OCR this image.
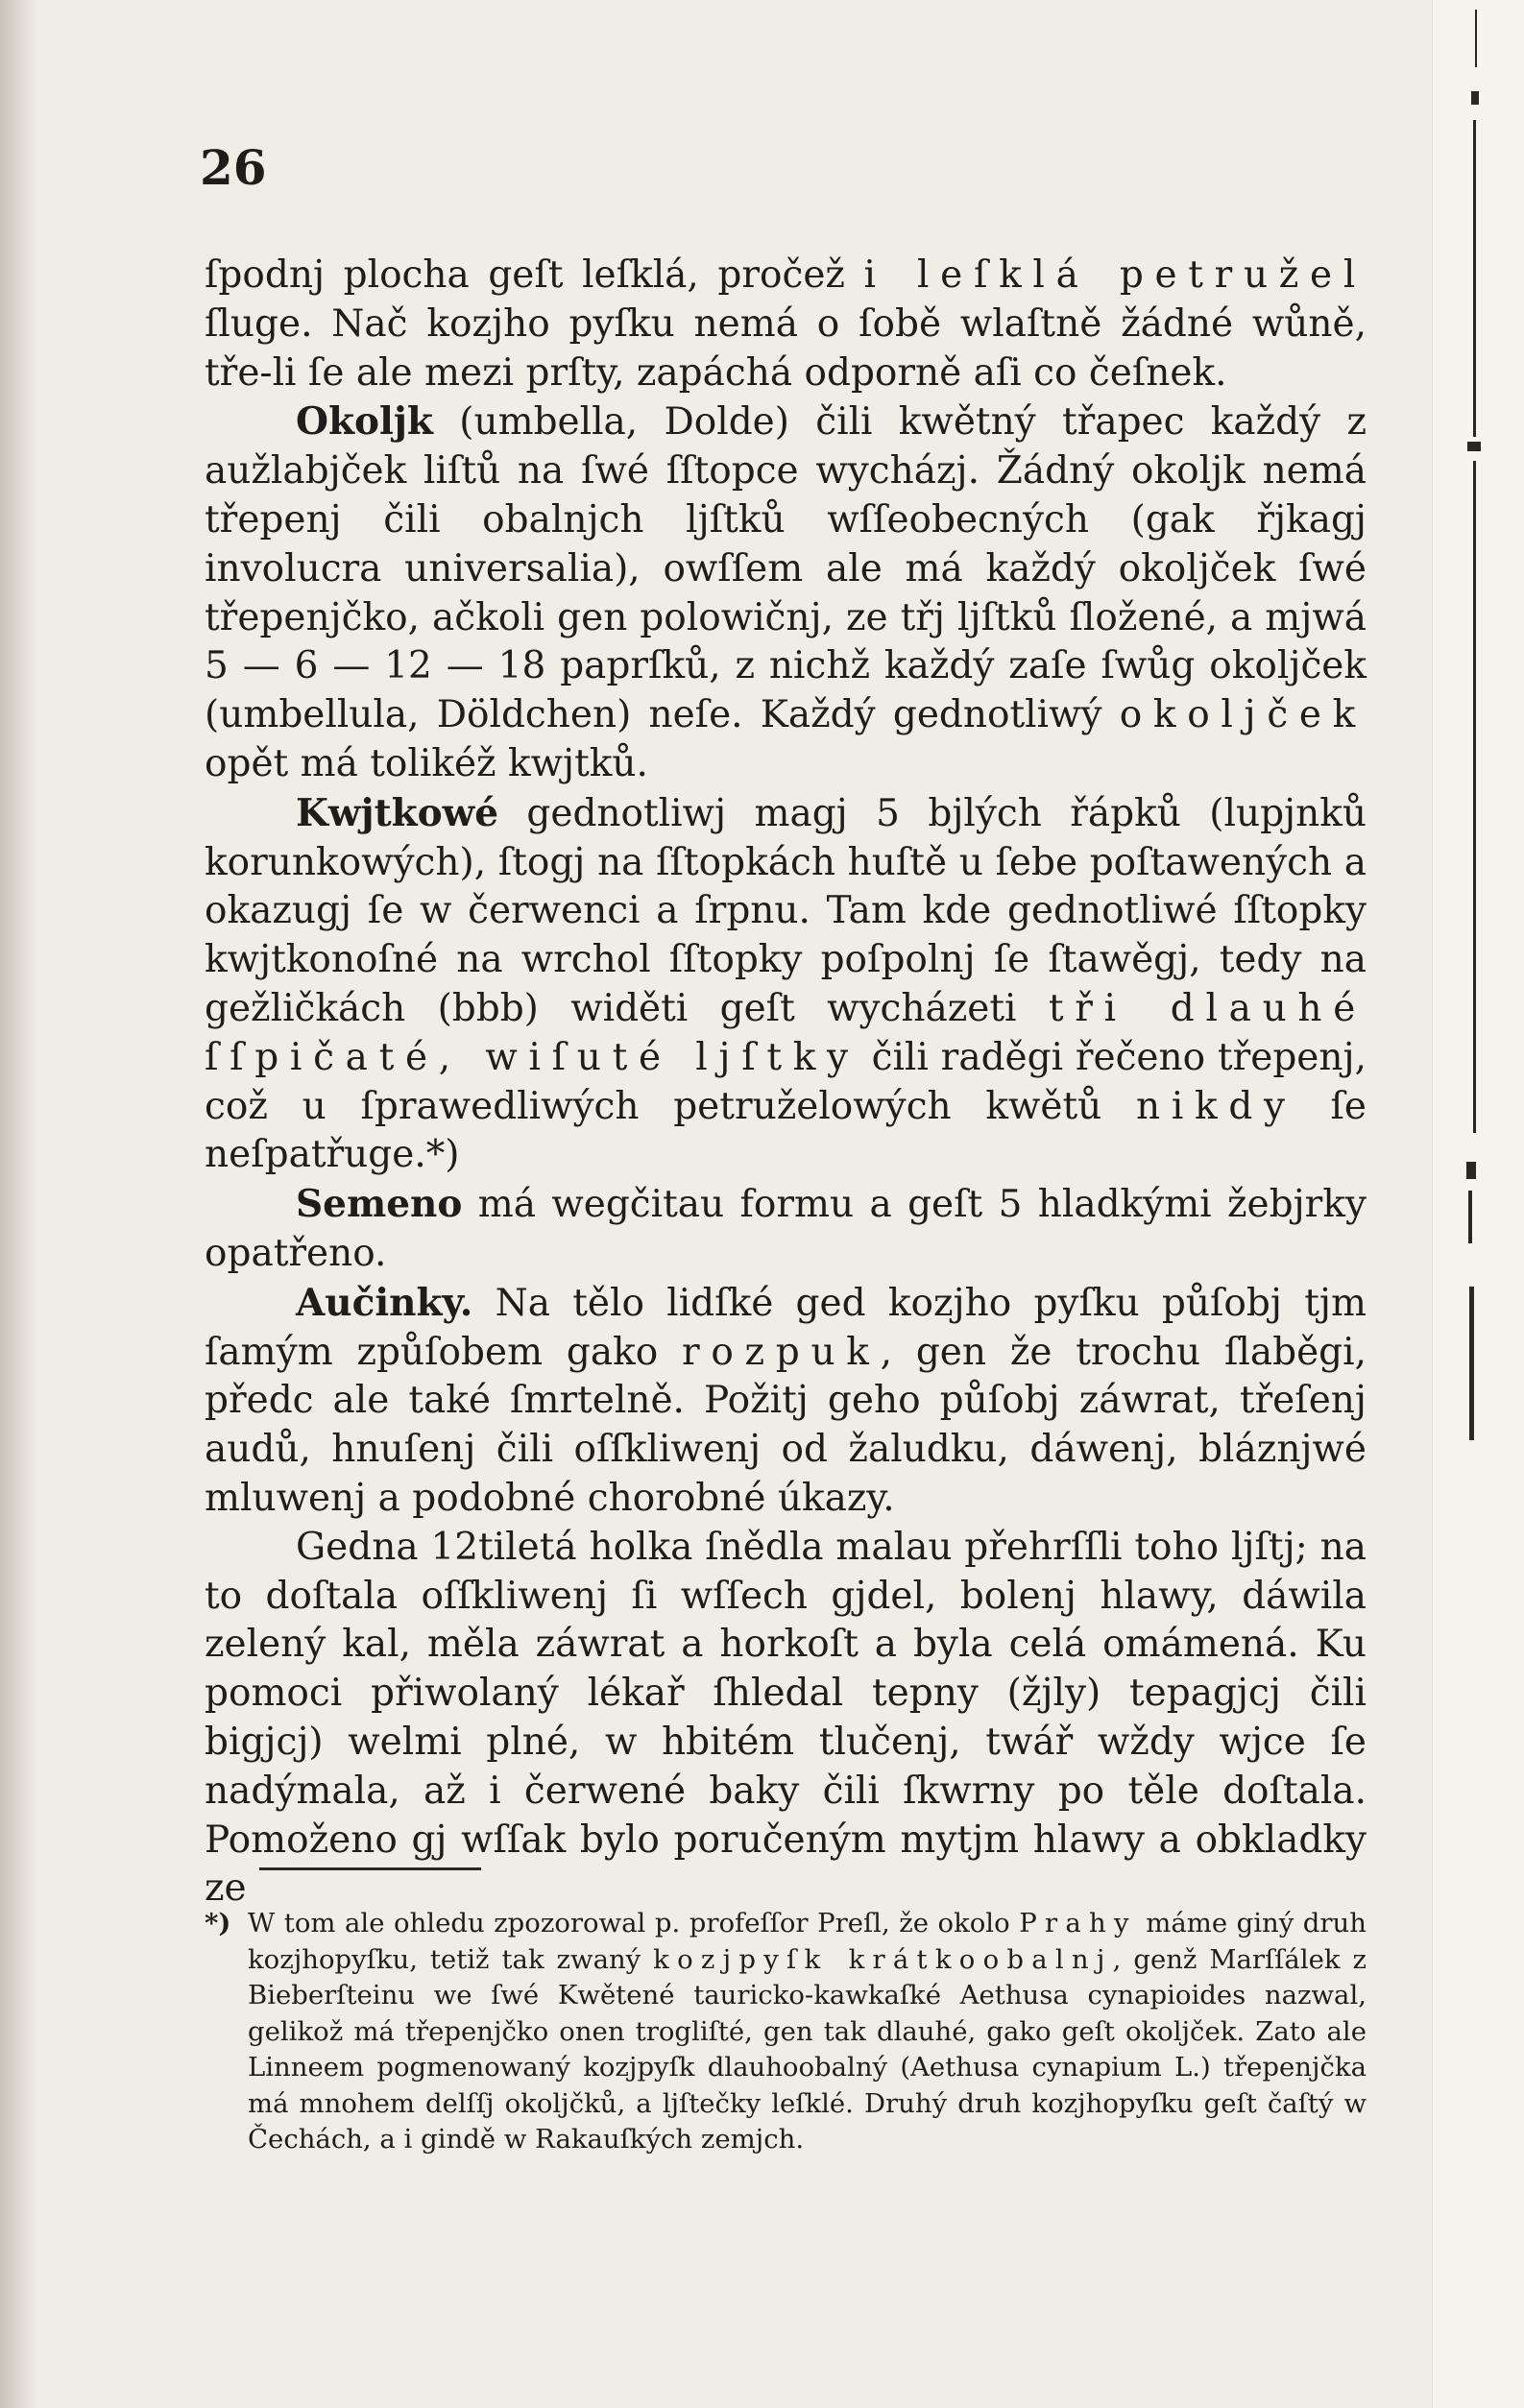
26

ſpodnj plocha geſt leſklá, pročež i leſklá petružel ſluge. Nač kozjho pyſku nemá o ſobě wlaſtně žádné wůně, tře-li ſe ale mezi prſty, zapáchá odporně aſi co čeſnek.

Okoljk (umbella, Dolde) čili kwětný třapec každý z aužlabjček liſtů na ſwé ſſtopce wycházj. Žádný okoljk nemá třepenj čili obalnjch ljſtků wſſeobecných (gak řjkagj involucra universalia), owſſem ale má každý okoljček ſwé třepenjčko, ačkoli gen polowičnj, ze třj ljſtků ſložené, a mjwá 5 — 6 — 12 — 18 paprſků, z nichž každý zaſe ſwůg okoljček (umbellula, Döldchen) neſe. Každý gednotliwý okoljček opět má tolikéž kwjtků.

Kwjtkowé gednotliwj magj 5 bjlých řápků (lupjnků korunkowých), ſtogj na ſſtopkách huſtě u ſebe poſtawených a okazugj ſe w čerwenci a ſrpnu. Tam kde gednotliwé ſſtopky kwjtkonoſné na wrchol ſſtopky poſpolnj ſe ſtawěgj, tedy na gežličkách (bbb) widěti geſt wycházeti tři dlauhé ſſpičaté, wiſuté ljſtky čili raděgi řečeno třepenj, což u ſprawedliwých petruželowých kwětů nikdy ſe neſpatřuge.*)

Semeno má wegčitau formu a geſt 5 hladkými žebjrky opatřeno.

Aučinky. Na tělo lidſké ged kozjho pyſku půſobj tjm ſamým způſobem gako rozpuk, gen že trochu ſlaběgi, předc ale také ſmrtelně. Požitj geho půſobj záwrat, třeſenj audů, hnuſenj čili oſſkliwenj od žaludku, dáwenj, bláznjwé mluwenj a podobné chorobné úkazy.

Gedna 12tiletá holka ſnědla malau přehrſſli toho ljſtj; na to doſtala oſſkliwenj ſi wſſech gjdel, bolenj hlawy, dáwila zelený kal, měla záwrat a horkoſt a byla celá omámená. Ku pomoci přiwolaný lékař ſhledal tepny (žjly) tepagjcj čili bigjcj) welmi plné, w hbitém tlučenj, twář wždy wjce ſe nadýmala, až i čerwené baky čili ſkwrny po těle doſtala. Pomoženo gj wſſak bylo poručeným mytjm hlawy a obkladky ze

*) W tom ale ohledu zpozorowal p. profeſſor Preſl, že okolo Prahy máme giný druh kozjhopyſku, tetiž tak zwaný kozjpyſk krátkoobalnj, genž Marſſálek z Bieberſteinu we ſwé Kwětené tauricko-kawkaſké Aethusa cynapioides nazwal, gelikož má třepenjčko onen trogliſté, gen tak dlauhé, gako geſt okoljček. Zato ale Linneem pogmenowaný kozjpyſk dlauhoobalný (Aethusa cynapium L.) třepenjčka má mnohem delſſj okoljčků, a ljſtečky leſklé. Druhý druh kozjhopyſku geſt čaſtý w Čechách, a i gindě w Rakauſkých zemjch.
